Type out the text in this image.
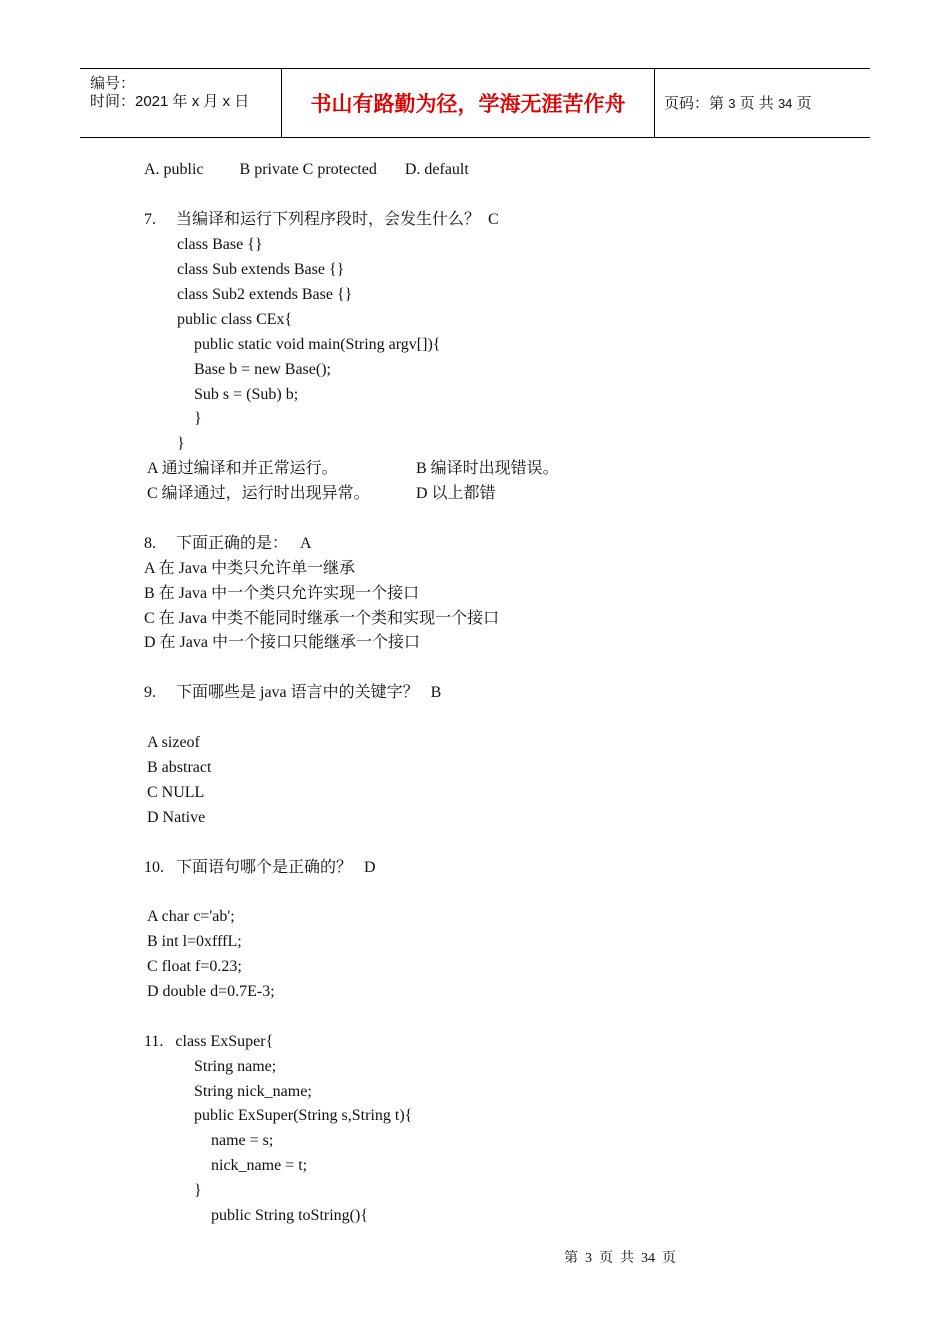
编号：
时间：2021 年 x 月 x 日	书山有路勤为径，学海无涯苦作舟	页码：第 3 页 共 34 页
A. public         B private C protected       D. default
7.     当编译和运行下列程序段时，会发生什么？  C
class Base {}
class Sub extends Base {}
class Sub2 extends Base {}
public class CEx{
public static void main(String argv[]){
Base b = new Base();
Sub s = (Sub) b;
}
}
A 通过编译和并正常运行。	B 编译时出现错误。
C 编译通过，运行时出现异常。	D 以上都错
8.     下面正确的是：   A
A 在 Java 中类只允许单一继承
B 在 Java 中一个类只允许实现一个接口
C 在 Java 中类不能同时继承一个类和实现一个接口
D 在 Java 中一个接口只能继承一个接口
9.     下面哪些是 java 语言中的关键字？   B
A sizeof
B abstract
C NULL
D Native
10.   下面语句哪个是正确的？   D
A char c='ab';
B int l=0xfffL;
C float f=0.23;
D double d=0.7E-3;
11.   class ExSuper{
String name;
String nick_name;
public ExSuper(String s,String t){
name = s;
nick_name = t;
}
public String toString(){
第  3  页  共  34  页
